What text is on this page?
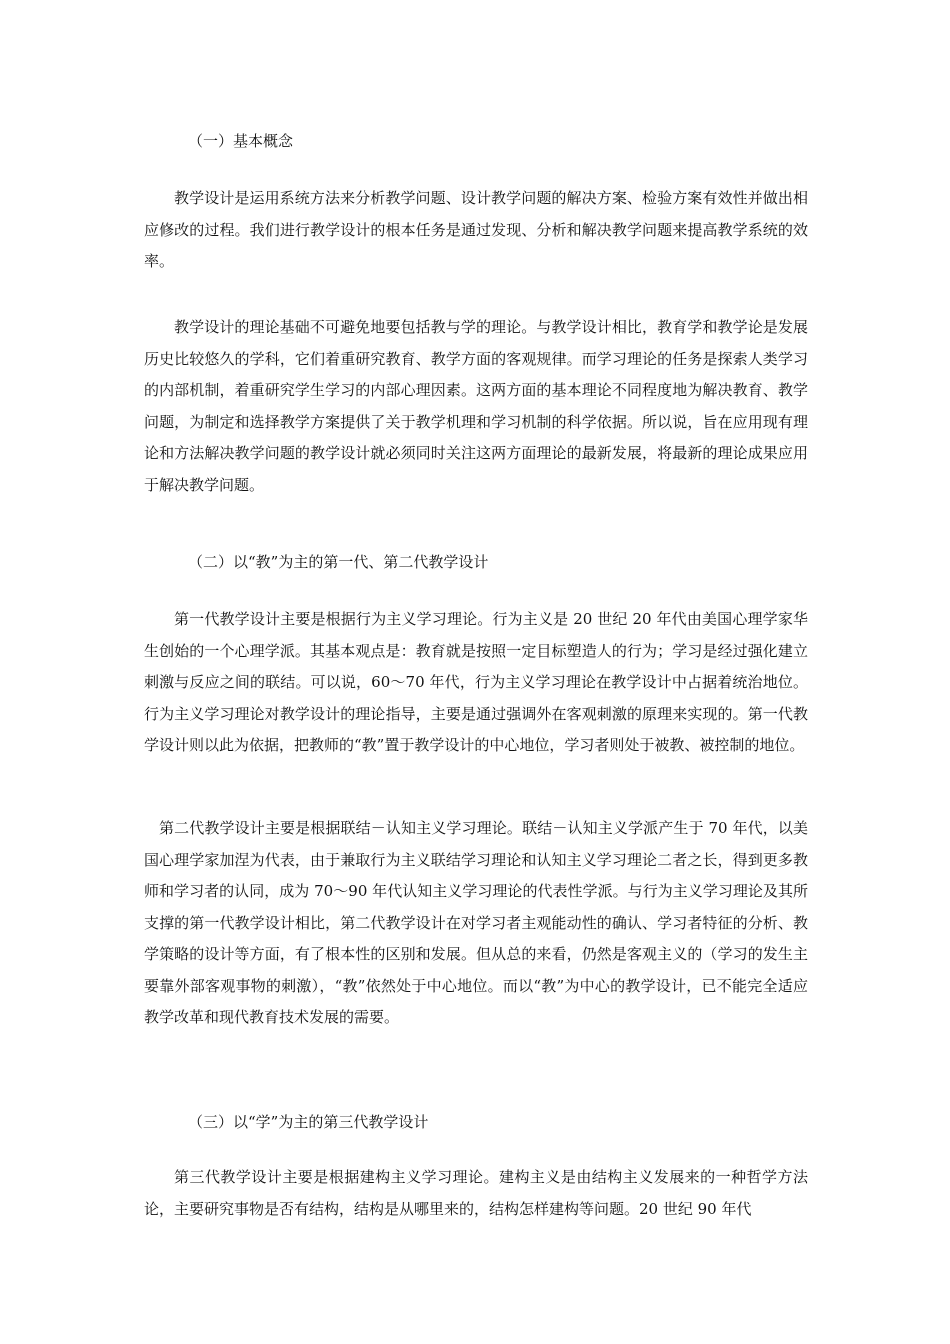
（一）基本概念

教学设计是运用系统方法来分析教学问题、设计教学问题的解决方案、检验方案有效性并做出相应修改的过程。我们进行教学设计的根本任务是通过发现、分析和解决教学问题来提高教学系统的效率。

教学设计的理论基础不可避免地要包括教与学的理论。与教学设计相比，教育学和教学论是发展历史比较悠久的学科，它们着重研究教育、教学方面的客观规律。而学习理论的任务是探索人类学习的内部机制，着重研究学生学习的内部心理因素。这两方面的基本理论不同程度地为解决教育、教学问题，为制定和选择教学方案提供了关于教学机理和学习机制的科学依据。所以说，旨在应用现有理论和方法解决教学问题的教学设计就必须同时关注这两方面理论的最新发展，将最新的理论成果应用于解决教学问题。

（二）以“教”为主的第一代、第二代教学设计

第一代教学设计主要是根据行为主义学习理论。行为主义是 20 世纪 20 年代由美国心理学家华生创始的一个心理学派。其基本观点是：教育就是按照一定目标塑造人的行为；学习是经过强化建立刺激与反应之间的联结。可以说，60～70 年代，行为主义学习理论在教学设计中占据着统治地位。行为主义学习理论对教学设计的理论指导，主要是通过强调外在客观刺激的原理来实现的。第一代教学设计则以此为依据，把教师的“教”置于教学设计的中心地位，学习者则处于被教、被控制的地位。

第二代教学设计主要是根据联结－认知主义学习理论。联结－认知主义学派产生于 70 年代，以美国心理学家加涅为代表，由于兼取行为主义联结学习理论和认知主义学习理论二者之长，得到更多教师和学习者的认同，成为 70～90 年代认知主义学习理论的代表性学派。与行为主义学习理论及其所支撑的第一代教学设计相比，第二代教学设计在对学习者主观能动性的确认、学习者特征的分析、教学策略的设计等方面，有了根本性的区别和发展。但从总的来看，仍然是客观主义的（学习的发生主要靠外部客观事物的刺激），“教”依然处于中心地位。而以“教”为中心的教学设计，已不能完全适应教学改革和现代教育技术发展的需要。

（三）以“学”为主的第三代教学设计

第三代教学设计主要是根据建构主义学习理论。建构主义是由结构主义发展来的一种哲学方法论，主要研究事物是否有结构，结构是从哪里来的，结构怎样建构等问题。20 世纪 90 年代
